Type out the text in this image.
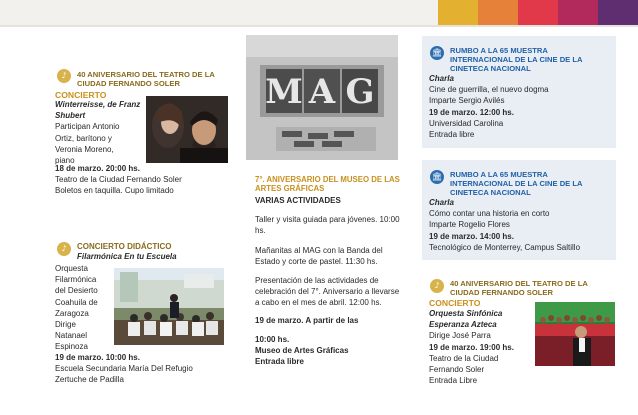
♪	40 ANIVERSARIO DEL TEATRO DE LA CIUDAD FERNANDO SOLER
CONCIERTO
Winterreisse, de Franz Shubert
Participan Antonio
Ortiz, barítono y
Veronia Moreno,
piano
18 de marzo. 20:00 hs.
Teatro de la Ciudad Fernando Soler
Boletos en taquilla. Cupo limitado
♪	CONCIERTO DIDÁCTICO
Filarmónica En tu Escuela
Orquesta
Filarmónica
del Desierto
Coahuila de
Zaragoza
Dirige
Natanael
Espinoza
19 de marzo. 10:00 hs.
Escuela Secundaria María Del Refugio
Zertuche de Padilla
M A G
7°. ANIVERSARIO DEL MUSEO DE LAS ARTES GRÁFICAS
VARIAS ACTIVIDADES
Taller y visita guiada para jóvenes. 10:00 hs.
Mañanitas al MAG con la Banda del Estado y corte de pastel. 11:30 hs.
Presentación de las actividades de celebración del 7°. Aniversario a llevarse a cabo en el mes de abril. 12:00 hs.
19 de marzo. A partir de las
10:00 hs.
Museo de Artes Gráficas
Entrada libre
🏛 RUMBO A LA 65 MUESTRA INTERNACIONAL DE LA CINE DE LA CINETECA NACIONAL
Charla
Cine de guerrilla, el nuevo dogma
Imparte Sergio Avilés
19 de marzo. 12:00 hs.
Universidad Carolina
Entrada libre
🏛 RUMBO A LA 65 MUESTRA INTERNACIONAL DE LA CINE DE LA CINETECA NACIONAL
Charla
Cómo contar una historia en corto
Imparte Rogelio Flores
19 de marzo. 14:00 hs.
Tecnológico de Monterrey, Campus Saltillo
♪	40 ANIVERSARIO DEL TEATRO DE LA CIUDAD FERNANDO SOLER
CONCIERTO
Orquesta Sinfónica Esperanza Azteca
Dirige José Parra
19 de marzo. 19:00 hs.
Teatro de la Ciudad
Fernando Soler
Entrada Libre
